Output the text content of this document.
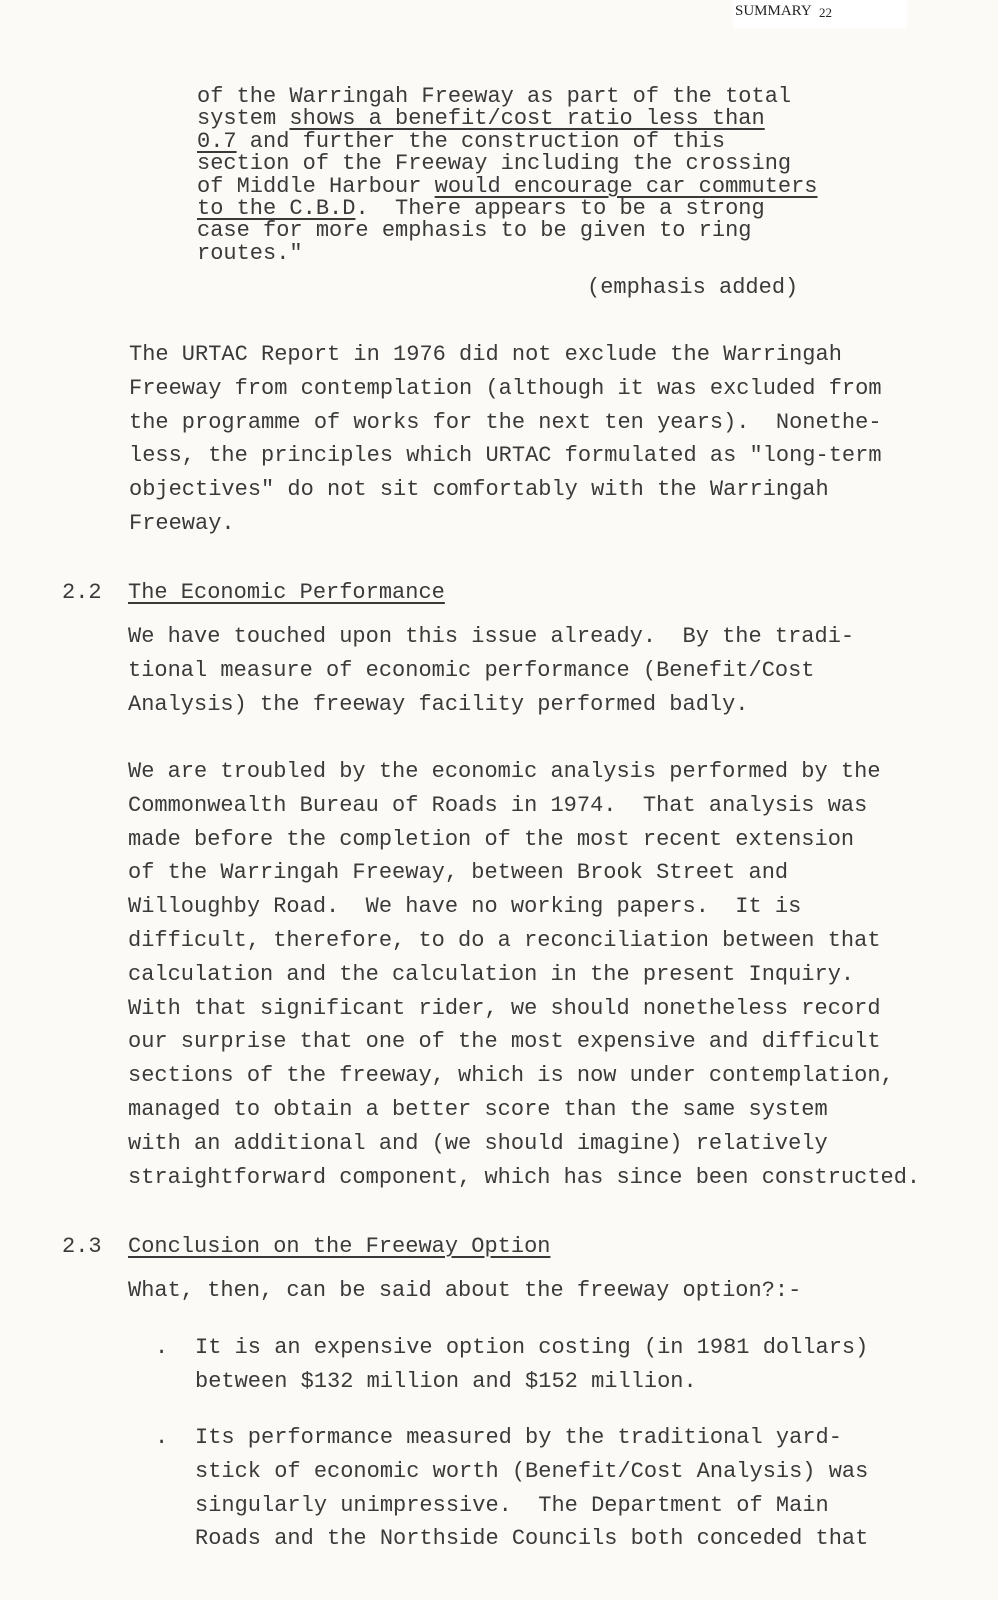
SUMMARY 22
of the Warringah Freeway as part of the total
system shows a benefit/cost ratio less than
0.7 and further the construction of this
section of the Freeway including the crossing
of Middle Harbour would encourage car commuters
to the C.B.D.  There appears to be a strong
case for more emphasis to be given to ring
routes."
(emphasis added)
The URTAC Report in 1976 did not exclude the Warringah
Freeway from contemplation (although it was excluded from
the programme of works for the next ten years).  Nonethe-
less, the principles which URTAC formulated as "long-term
objectives" do not sit comfortably with the Warringah
Freeway.
2.2 The Economic Performance
We have touched upon this issue already.  By the tradi-
tional measure of economic performance (Benefit/Cost
Analysis) the freeway facility performed badly.
We are troubled by the economic analysis performed by the
Commonwealth Bureau of Roads in 1974.  That analysis was
made before the completion of the most recent extension
of the Warringah Freeway, between Brook Street and
Willoughby Road.  We have no working papers.  It is
difficult, therefore, to do a reconciliation between that
calculation and the calculation in the present Inquiry.
With that significant rider, we should nonetheless record
our surprise that one of the most expensive and difficult
sections of the freeway, which is now under contemplation,
managed to obtain a better score than the same system
with an additional and (we should imagine) relatively
straightforward component, which has since been constructed.
2.3 Conclusion on the Freeway Option
What, then, can be said about the freeway option?:-
. It is an expensive option costing (in 1981 dollars)
between $132 million and $152 million.
. Its performance measured by the traditional yard-
stick of economic worth (Benefit/Cost Analysis) was
singularly unimpressive.  The Department of Main
Roads and the Northside Councils both conceded that
